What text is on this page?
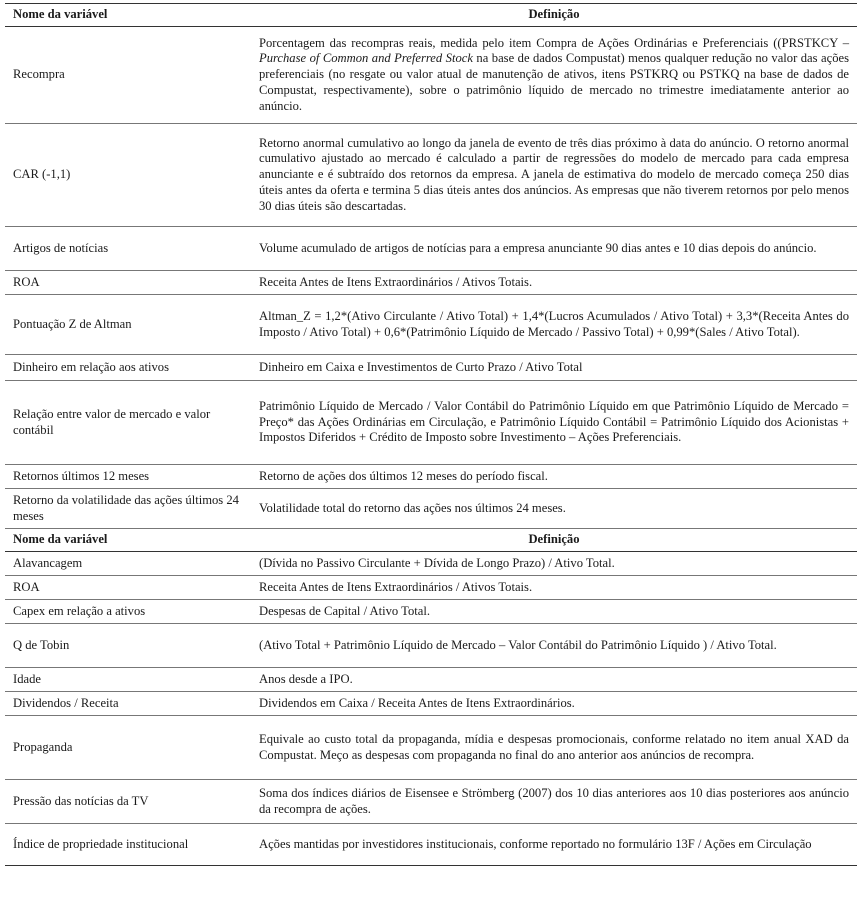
Nome da variável	Definição
Recompra	Porcentagem das recompras reais, medida pelo item Compra de Ações Ordinárias e Preferenciais ((PRSTKCY – Purchase of Common and Preferred Stock na base de dados Compustat) menos qualquer redução no valor das ações preferenciais (no resgate ou valor atual de manutenção de ativos, itens PSTKRQ ou PSTKQ na base de dados de Compustat, respectivamente), sobre o patrimônio líquido de mercado no trimestre imediatamente anterior ao anúncio.
CAR (-1,1)	Retorno anormal cumulativo ao longo da janela de evento de três dias próximo à data do anúncio. O retorno anormal cumulativo ajustado ao mercado é calculado a partir de regressões do modelo de mercado para cada empresa anunciante e é subtraído dos retornos da empresa. A janela de estimativa do modelo de mercado começa 250 dias úteis antes da oferta e termina 5 dias úteis antes dos anúncios. As empresas que não tiverem retornos por pelo menos 30 dias úteis são descartadas.
Artigos de notícias	Volume acumulado de artigos de notícias para a empresa anunciante 90 dias antes e 10 dias depois do anúncio.
ROA	Receita Antes de Itens Extraordinários / Ativos Totais.
Pontuação Z de Altman	Altman_Z = 1,2*(Ativo Circulante / Ativo Total) + 1,4*(Lucros Acumulados / Ativo Total) + 3,3*(Receita Antes do Imposto / Ativo Total) + 0,6*(Patrimônio Líquido de Mercado / Passivo Total) + 0,99*(Sales / Ativo Total).
Dinheiro em relação aos ativos	Dinheiro em Caixa e Investimentos de Curto Prazo / Ativo Total
Relação entre valor de mercado e valor contábil	Patrimônio Líquido de Mercado / Valor Contábil do Patrimônio Líquido em que Patrimônio Líquido de Mercado = Preço* das Ações Ordinárias em Circulação, e Patrimônio Líquido Contábil = Patrimônio Líquido dos Acionistas + Impostos Diferidos + Crédito de Imposto sobre Investimento – Ações Preferenciais.
Retornos últimos 12 meses	Retorno de ações dos últimos 12 meses do período fiscal.
Retorno da volatilidade das ações últimos 24 meses	Volatilidade total do retorno das ações nos últimos 24 meses.
Nome da variável	Definição
Alavancagem	(Dívida no Passivo Circulante + Dívida de Longo Prazo) / Ativo Total.
ROA	Receita Antes de Itens Extraordinários / Ativos Totais.
Capex em relação a ativos	Despesas de Capital / Ativo Total.
Q de Tobin	(Ativo Total + Patrimônio Líquido de Mercado – Valor Contábil do Patrimônio Líquido ) / Ativo Total.
Idade	Anos desde a IPO.
Dividendos / Receita	Dividendos em Caixa / Receita Antes de Itens Extraordinários.
Propaganda	Equivale ao custo total da propaganda, mídia e despesas promocionais, conforme relatado no item anual XAD da Compustat. Meço as despesas com propaganda no final do ano anterior aos anúncios de recompra.
Pressão das notícias da TV	Soma dos índices diários de Eisensee e Strömberg (2007) dos 10 dias anteriores aos 10 dias posteriores aos anúncio da recompra de ações.
Índice de propriedade institucional	Ações mantidas por investidores institucionais, conforme reportado no formulário 13F / Ações em Circulação
